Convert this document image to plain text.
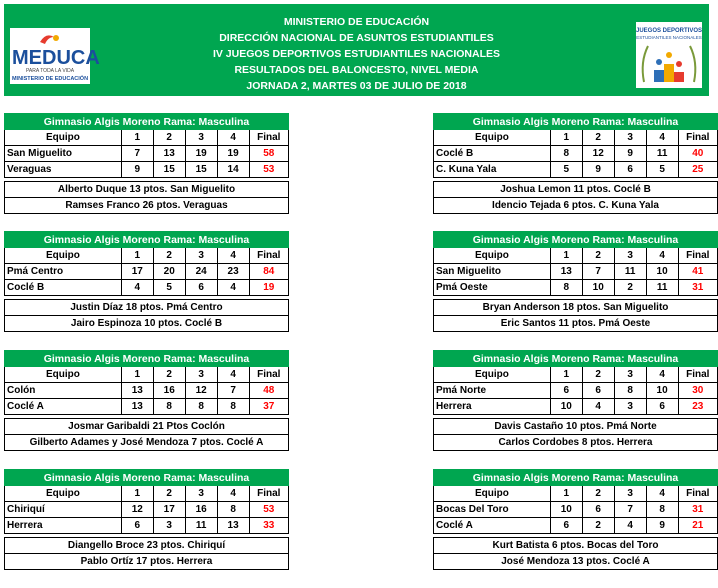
MEDUCA
PARA TODA LA VIDA
MINISTERIO DE EDUCACIÓN
MINISTERIO DE EDUCACIÓN
DIRECCIÓN NACIONAL DE ASUNTOS ESTUDIANTILES
IV JUEGOS DEPORTIVOS ESTUDIANTILES NACIONALES
RESULTADOS DEL BALONCESTO, NIVEL MEDIA
JORNADA 2, MARTES 03 DE JULIO DE 2018
JUEGOS DEPORTIVOS
ESTUDIANTILES NACIONALES
Gimnasio Algis Moreno Rama: Masculina					
Equipo	1	2	3	4	Final
San Miguelito	7	13	19	19	58
Veraguas	9	15	15	14	53

Alberto Duque 13 ptos. San Miguelito					
Ramses Franco 26 ptos. Veraguas					
Gimnasio Algis Moreno Rama: Masculina					
Equipo	1	2	3	4	Final
Coclé B	8	12	9	11	40
C. Kuna Yala	5	9	6	5	25

Joshua Lemon 11 ptos. Coclé B					
Idencio Tejada 6 ptos. C. Kuna Yala					
Gimnasio Algis Moreno Rama: Masculina					
Equipo	1	2	3	4	Final
Pmá Centro	17	20	24	23	84
Coclé B	4	5	6	4	19

Justin Díaz 18 ptos. Pmá Centro					
Jairo Espinoza 10 ptos. Coclé B					
Gimnasio Algis Moreno Rama: Masculina					
Equipo	1	2	3	4	Final
San Miguelito	13	7	11	10	41
Pmá Oeste	8	10	2	11	31

Bryan Anderson 18 ptos. San Miguelito					
Eric Santos 11 ptos. Pmá Oeste					
Gimnasio Algis Moreno Rama: Masculina					
Equipo	1	2	3	4	Final
Colón	13	16	12	7	48
Coclé A	13	8	8	8	37

Josmar Garibaldi 21 Ptos Coclón					
Gilberto Adames y José Mendoza 7 ptos. Coclé A					
Gimnasio Algis Moreno Rama: Masculina					
Equipo	1	2	3	4	Final
Pmá Norte	6	6	8	10	30
Herrera	10	4	3	6	23

Davis Castaño 10 ptos. Pmá Norte					
Carlos Cordobes 8 ptos. Herrera					
Gimnasio Algis Moreno Rama: Masculina					
Equipo	1	2	3	4	Final
Chiriquí	12	17	16	8	53
Herrera	6	3	11	13	33

Diangello Broce 23 ptos. Chiriquí					
Pablo Ortíz 17 ptos. Herrera					
Gimnasio Algis Moreno Rama: Masculina					
Equipo	1	2	3	4	Final
Bocas Del Toro	10	6	7	8	31
Coclé A	6	2	4	9	21

Kurt Batista 6 ptos. Bocas del Toro					
José Mendoza 13 ptos. Coclé A					
